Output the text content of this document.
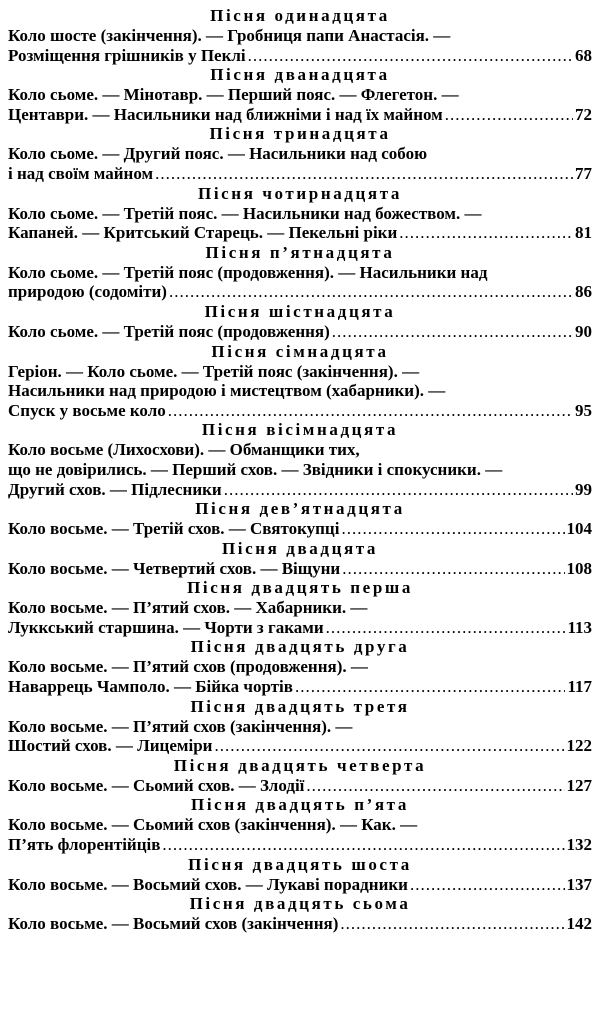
Пісня одинадцята
Коло шосте (закінчення). — Гробниця папи Анастасія. —
Розміщення грішників у Пеклі .....	68
Пісня дванадцята
Коло сьоме. — Мінотавр. — Перший пояс. — Флегетон. —
Центаври. — Насильники над ближніми і над їх майном .....	72
Пісня тринадцята
Коло сьоме. — Другий пояс. — Насильники над собою
і над своїм майном .....	77
Пісня чотирнадцята
Коло сьоме. — Третій пояс. — Насильники над божеством. —
Капаней. — Критський Старець. — Пекельні ріки .....	81
Пісня п’ятнадцята
Коло сьоме. — Третій пояс (продовження). — Насильники над
природою (содоміти) .....	86
Пісня шістнадцята
Коло сьоме. — Третій пояс (продовження) .....	90
Пісня сімнадцята
Геріон. — Коло сьоме. — Третій пояс (закінчення). —
Насильники над природою і мистецтвом (хабарники). —
Спуск у восьме коло .....	95
Пісня вісімнадцята
Коло восьме (Лихосхови). — Обманщики тих,
що не довірились. — Перший схов. — Звідники і спокусники. —
Другий схов. — Підлесники .....	99
Пісня дев’ятнадцята
Коло восьме. — Третій схов. — Святокупці .....	104
Пісня двадцята
Коло восьме. — Четвертий схов. — Віщуни .....	108
Пісня двадцять перша
Коло восьме. — П’ятий схов. — Хабарники. —
Луккський старшина. — Чорти з гаками .....	113
Пісня двадцять друга
Коло восьме. — П’ятий схов (продовження). —
Наваррець Чамполо. — Бійка чортів .....	117
Пісня двадцять третя
Коло восьме. — П’ятий схов (закінчення). —
Шостий схов. — Лицеміри .....	122
Пісня двадцять четверта
Коло восьме. — Сьомий схов. — Злодії .....	127
Пісня двадцять п’ята
Коло восьме. — Сьомий схов (закінчення). — Как. —
П’ять флорентійців .....	132
Пісня двадцять шоста
Коло восьме. — Восьмий схов. — Лукаві порадники .....	137
Пісня двадцять сьома
Коло восьме. — Восьмий схов (закінчення) .....	142
